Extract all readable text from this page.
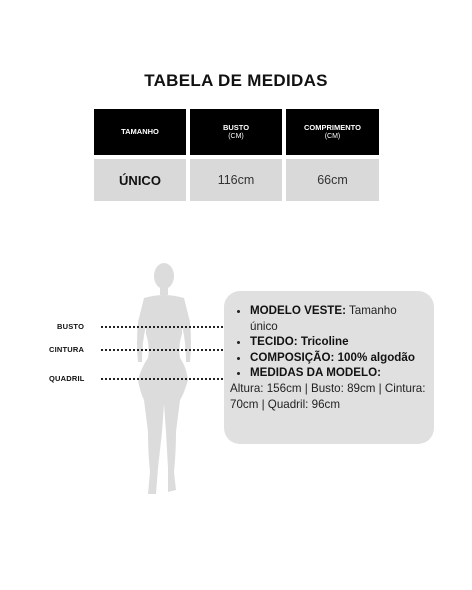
TABELA DE MEDIDAS
TAMANHO
BUSTO
(CM)
COMPRIMENTO
(CM)
ÚNICO	116cm	66cm
BUSTO
CINTURA
QUADRIL
• MODELO VESTE: Tamanho único
• TECIDO: Tricoline
• COMPOSIÇÃO: 100% algodão
• MEDIDAS DA MODELO:
Altura: 156cm | Busto: 89cm | Cintura: 70cm | Quadril: 96cm
